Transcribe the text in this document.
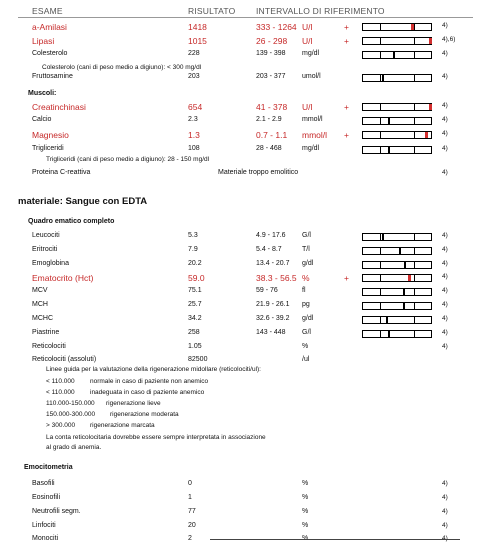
ESAME	RISULTATO INTERVALLO DI RIFERIMENTO
a-Amilasi	1418	333 - 1264 U/l	+	4)
Lipasi	1015	26 - 298 U/l	+	4),6)
Colesterolo	228	139 - 398 mg/dl	4)
Fruttosamine	203	203 - 377 umol/l	4)
Creatinchinasi	654	41 - 378 U/l	+	4)
Calcio	2.3	2.1 - 2.9	mmol/l	4)
Magnesio	1.3	0.7 - 1.1 mmol/l +	4)
Trigliceridi	108	28 - 468	mg/dl	4)
Proteina C-reattiva	Materiale troppo emolitico	4)
Colesterolo (cani di peso medio a digiuno): < 300 mg/dl
Muscoli:
Trigliceridi (cani di peso medio a digiuno): 28 - 150 mg/dl
materiale: Sangue con EDTA
Quadro ematico completo
Leucociti	5.3	4.9 - 17.6 G/l	4)
Eritrociti	7.9	5.4 - 8.7	T/l	4)
Emoglobina	20.2	13.4 - 20.7 g/dl	4)
Ematocrito (Hct)	59.0	38.3 - 56.5 %	+	4)
MCV	75.1	59 - 76	fl	4)
MCH	25.7	21.9 - 26.1 pg	4)
MCHC	34.2	32.6 - 39.2 g/dl	4)
Piastrine	258	143 - 448 G/l	4)
Reticolociti	1.05	%	4)
Reticolociti (assoluti)	82500	/ul
Linee guida per la valutazione della rigenerazione midollare (reticolociti/ul):
< 110.000 normale in caso di paziente non anemico
< 110.000 inadeguata in caso di paziente anemico
110.000-150.000 rigenerazione lieve
150.000-300.000 rigenerazione moderata
> 300.000 rigenerazione marcata
La conta reticolocitaria dovrebbe essere sempre interpretata in associazione
al grado di anemia.
Emocitometria
Basofili	0	%	4)
Eosinofili	1	%	4)
Neutrofili segm.	77	%	4)
Linfociti	20	%	4)
Monociti	2
